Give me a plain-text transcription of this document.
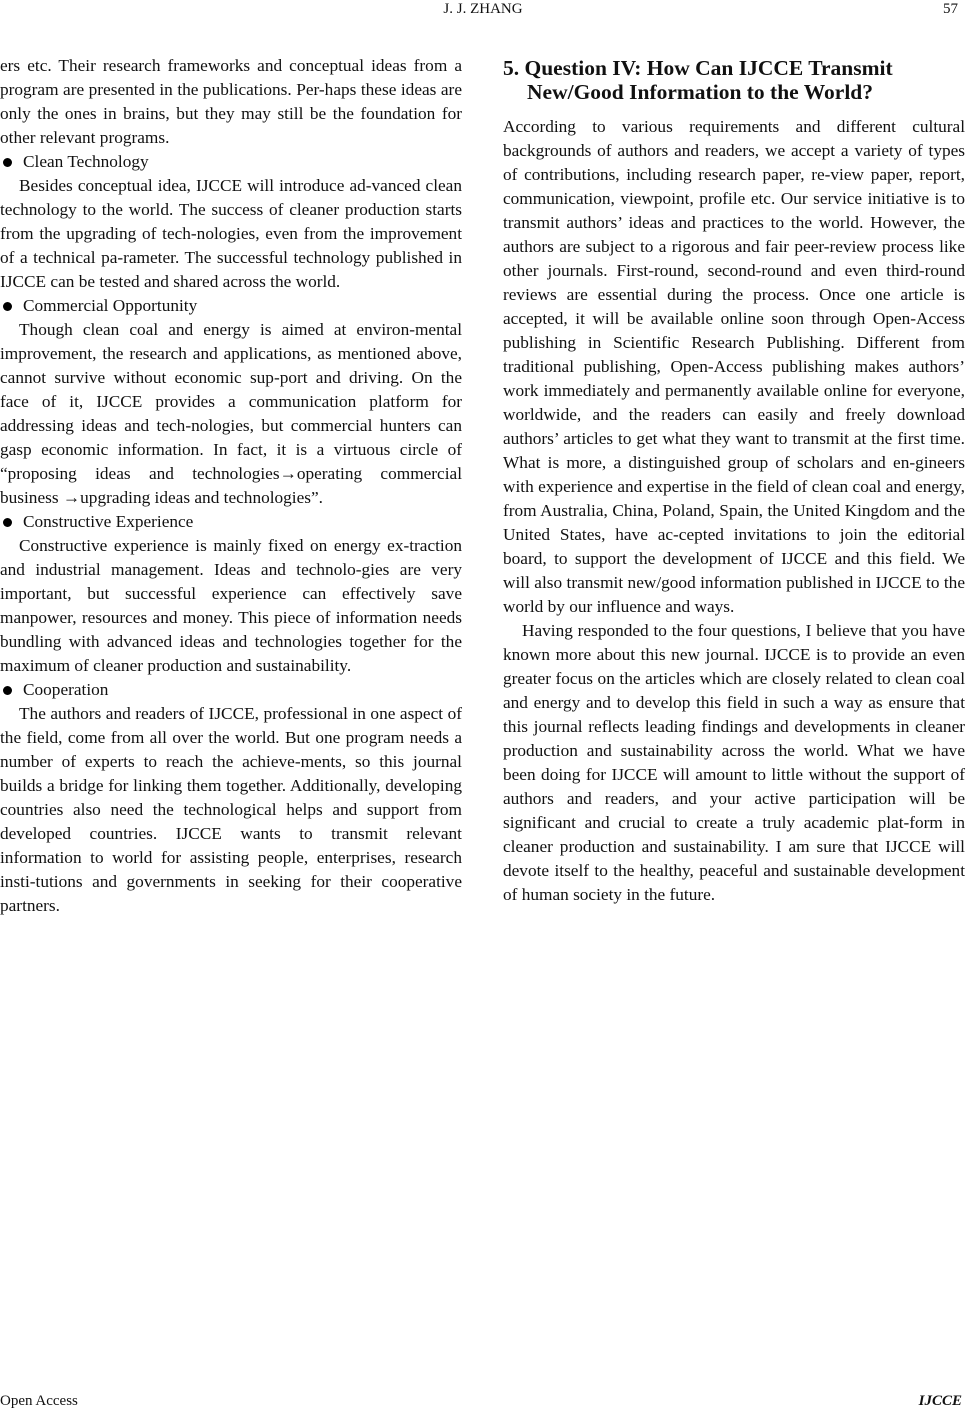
J. J. ZHANG	57

ers etc. Their research frameworks and conceptual ideas from a program are presented in the publications. Per-haps these ideas are only the ones in brains, but they may still be the foundation for other relevant programs.

Clean Technology

Besides conceptual idea, IJCCE will introduce ad-vanced clean technology to the world. The success of cleaner production starts from the upgrading of tech-nologies, even from the improvement of a technical pa-rameter. The successful technology published in IJCCE can be tested and shared across the world.

Commercial Opportunity

Though clean coal and energy is aimed at environ-mental improvement, the research and applications, as mentioned above, cannot survive without economic sup-port and driving. On the face of it, IJCCE provides a communication platform for addressing ideas and tech-nologies, but commercial hunters can gasp economic information. In fact, it is a virtuous circle of “proposing ideas and technologies→operating commercial business →upgrading ideas and technologies”.

Constructive Experience

Constructive experience is mainly fixed on energy ex-traction and industrial management. Ideas and technolo-gies are very important, but successful experience can effectively save manpower, resources and money. This piece of information needs bundling with advanced ideas and technologies together for the maximum of cleaner production and sustainability.

Cooperation

The authors and readers of IJCCE, professional in one aspect of the field, come from all over the world. But one program needs a number of experts to reach the achieve-ments, so this journal builds a bridge for linking them together. Additionally, developing countries also need the technological helps and support from developed countries. IJCCE wants to transmit relevant information to world for assisting people, enterprises, research insti-tutions and governments in seeking for their cooperative partners.

5. Question IV: How Can IJCCE Transmit
New/Good Information to the World?

According to various requirements and different cultural backgrounds of authors and readers, we accept a variety of types of contributions, including research paper, re-view paper, report, communication, viewpoint, profile etc. Our service initiative is to transmit authors’ ideas and practices to the world. However, the authors are subject to a rigorous and fair peer-review process like other journals. First-round, second-round and even third-round reviews are essential during the process. Once one article is accepted, it will be available online soon through Open-Access publishing in Scientific Research Publishing. Different from traditional publishing, Open-Access publishing makes authors’ work immediately and permanently available online for everyone, worldwide, and the readers can easily and freely download authors’ articles to get what they want to transmit at the first time. What is more, a distinguished group of scholars and en-gineers with experience and expertise in the field of clean coal and energy, from Australia, China, Poland, Spain, the United Kingdom and the United States, have ac-cepted invitations to join the editorial board, to support the development of IJCCE and this field. We will also transmit new/good information published in IJCCE to the world by our influence and ways.

Having responded to the four questions, I believe that you have known more about this new journal. IJCCE is to provide an even greater focus on the articles which are closely related to clean coal and energy and to develop this field in such a way as ensure that this journal reflects leading findings and developments in cleaner production and sustainability across the world. What we have been doing for IJCCE will amount to little without the support of authors and readers, and your active participation will be significant and crucial to create a truly academic plat-form in cleaner production and sustainability. I am sure that IJCCE will devote itself to the healthy, peaceful and sustainable development of human society in the future.

Open Access	IJCCE
